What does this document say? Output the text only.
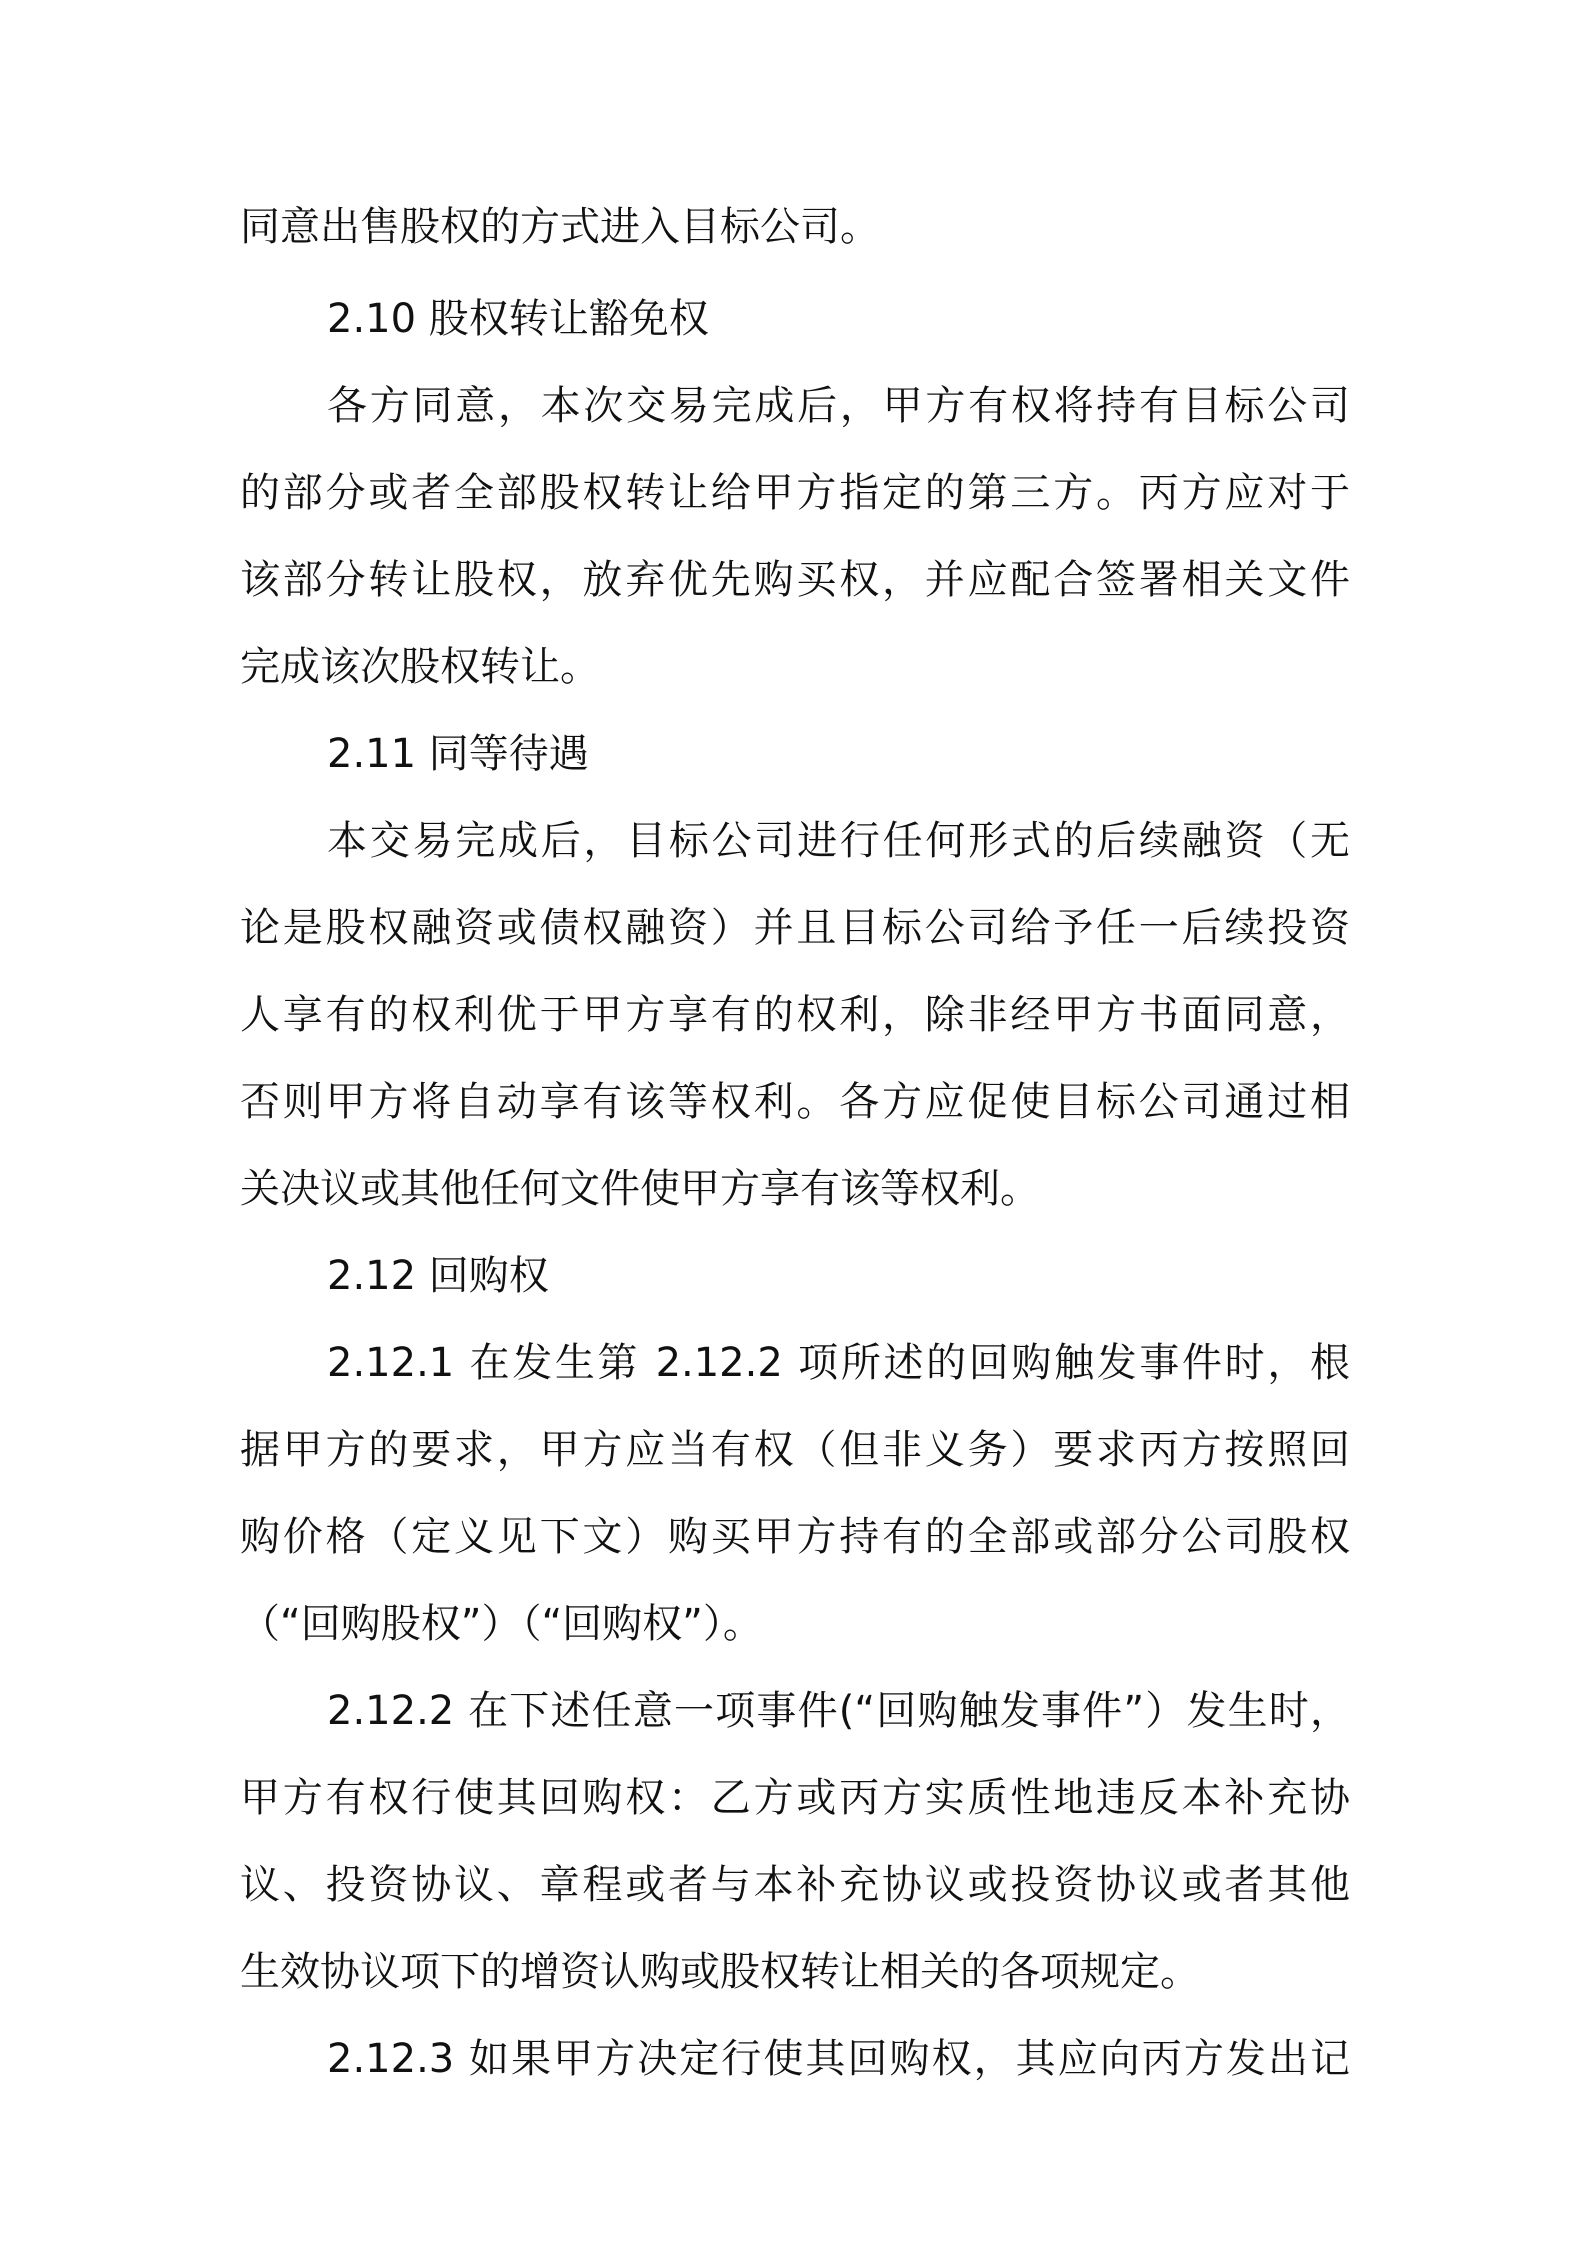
同意出售股权的方式进入目标公司。
2.10 股权转让豁免权
各方同意，本次交易完成后，甲方有权将持有目标公司
的部分或者全部股权转让给甲方指定的第三方。丙方应对于
该部分转让股权，放弃优先购买权，并应配合签署相关文件
完成该次股权转让。
2.11 同等待遇
本交易完成后，目标公司进行任何形式的后续融资（无
论是股权融资或债权融资）并且目标公司给予任一后续投资
人享有的权利优于甲方享有的权利，除非经甲方书面同意，
否则甲方将自动享有该等权利。各方应促使目标公司通过相
关决议或其他任何文件使甲方享有该等权利。
2.12 回购权
2.12.1 在发生第 2.12.2 项所述的回购触发事件时，根
据甲方的要求，甲方应当有权（但非义务）要求丙方按照回
购价格（定义见下文）购买甲方持有的全部或部分公司股权
（“回购股权”）（“回购权”）。
2.12.2 在下述任意一项事件(“回购触发事件”）发生时，
甲方有权行使其回购权：乙方或丙方实质性地违反本补充协
议、投资协议、章程或者与本补充协议或投资协议或者其他
生效协议项下的增资认购或股权转让相关的各项规定。
2.12.3 如果甲方决定行使其回购权，其应向丙方发出记
